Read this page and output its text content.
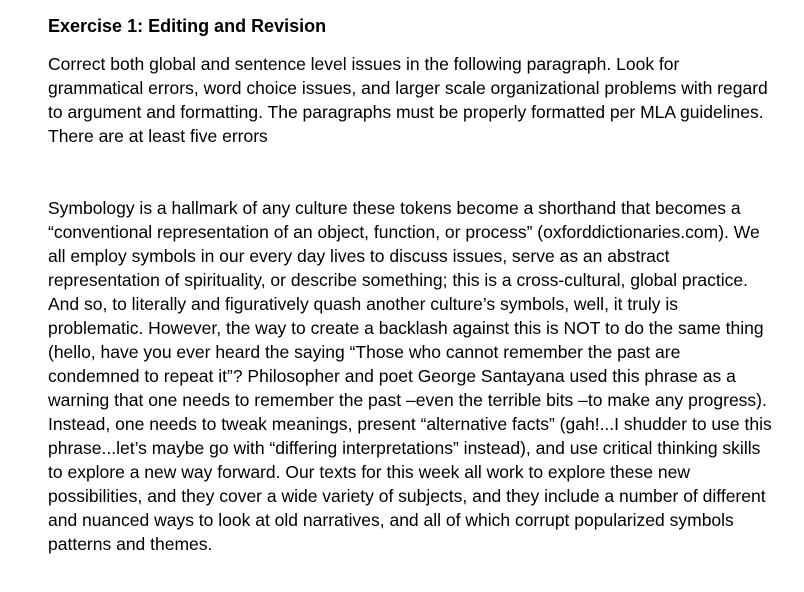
Exercise 1: Editing and Revision

Correct both global and sentence level issues in the following paragraph. Look for grammatical errors, word choice issues, and larger scale organizational problems with regard to argument and formatting. The paragraphs must be properly formatted per MLA guidelines. There are at least five errors

Symbology is a hallmark of any culture these tokens become a shorthand that becomes a “conventional representation of an object, function, or process” (oxforddictionaries.com). We all employ symbols in our every day lives to discuss issues, serve as an abstract representation of spirituality, or describe something; this is a cross-cultural, global practice. And so, to literally and figuratively quash another culture’s symbols, well, it truly is problematic. However, the way to create a backlash against this is NOT to do the same thing (hello, have you ever heard the saying “Those who cannot remember the past are condemned to repeat it”? Philosopher and poet George Santayana used this phrase as a warning that one needs to remember the past –even the terrible bits –to make any progress). Instead, one needs to tweak meanings, present “alternative facts” (gah!...I shudder to use this phrase...let’s maybe go with “differing interpretations” instead), and use critical thinking skills to explore a new way forward. Our texts for this week all work to explore these new possibilities, and they cover a wide variety of subjects, and they include a number of different and nuanced ways to look at old narratives, and all of which corrupt popularized symbols patterns and themes.
